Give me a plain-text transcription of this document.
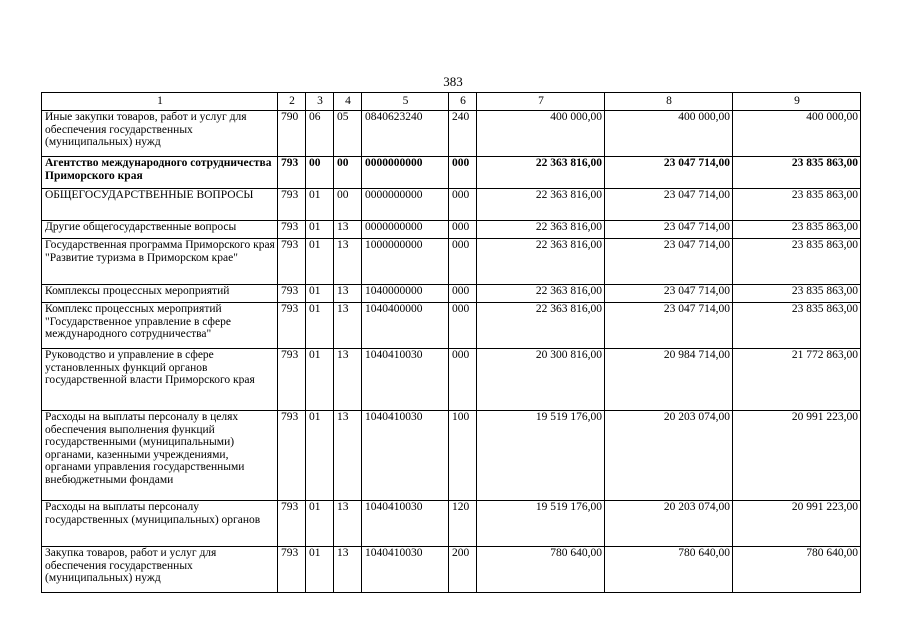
383
1	2	3	4	5	6	7	8	9
Иные закупки товаров, работ и услуг для обеспечения государственных (муниципальных) нужд	790	06	05	0840623240	240	400 000,00	400 000,00	400 000,00
Агентство международного сотрудничества Приморского края	793	00	00	0000000000	000	22 363 816,00	23 047 714,00	23 835 863,00
ОБЩЕГОСУДАРСТВЕННЫЕ ВОПРОСЫ	793	01	00	0000000000	000	22 363 816,00	23 047 714,00	23 835 863,00
Другие общегосударственные вопросы	793	01	13	0000000000	000	22 363 816,00	23 047 714,00	23 835 863,00
Государственная программа Приморского края "Развитие туризма в Приморском крае"	793	01	13	1000000000	000	22 363 816,00	23 047 714,00	23 835 863,00
Комплексы процессных мероприятий	793	01	13	1040000000	000	22 363 816,00	23 047 714,00	23 835 863,00
Комплекс процессных мероприятий "Государственное управление в сфере международного сотрудничества"	793	01	13	1040400000	000	22 363 816,00	23 047 714,00	23 835 863,00
Руководство и управление в сфере установленных функций органов государственной власти Приморского края	793	01	13	1040410030	000	20 300 816,00	20 984 714,00	21 772 863,00
Расходы на выплаты персоналу в целях обеспечения выполнения функций государственными (муниципальными) органами, казенными учреждениями, органами управления государственными внебюджетными фондами	793	01	13	1040410030	100	19 519 176,00	20 203 074,00	20 991 223,00
Расходы на выплаты персоналу государственных (муниципальных) органов	793	01	13	1040410030	120	19 519 176,00	20 203 074,00	20 991 223,00
Закупка товаров, работ и услуг для обеспечения государственных (муниципальных) нужд	793	01	13	1040410030	200	780 640,00	780 640,00	780 640,00
